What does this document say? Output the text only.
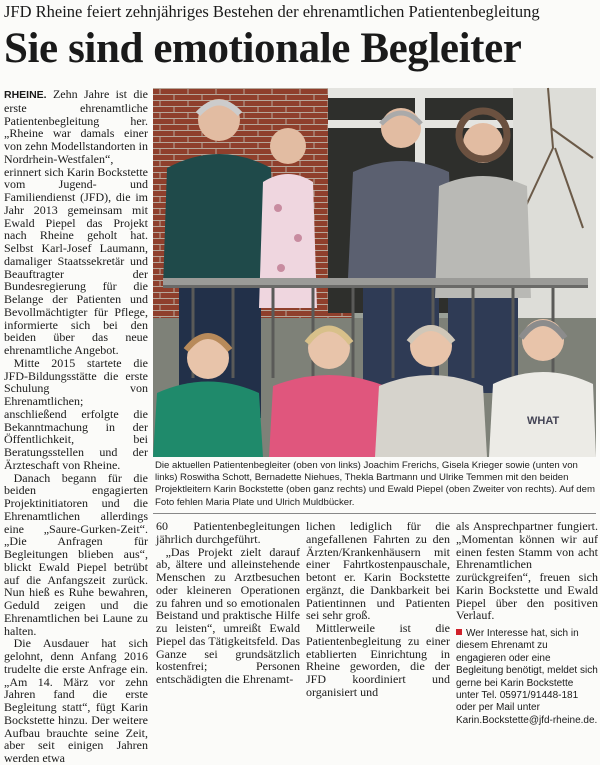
JFD Rheine feiert zehnjähriges Bestehen der ehrenamtlichen Patientenbegleitung
Sie sind emotionale Begleiter

RHEINE. Zehn Jahre ist die erste ehrenamtliche Patientenbegleitung her. „Rheine war damals einer von zehn Modellstandorten in Nordrhein-Westfalen“, erinnert sich Karin Bockstette vom Jugend- und Familiendienst (JFD), die im Jahr 2013 gemeinsam mit Ewald Piepel das Projekt nach Rheine geholt hat. Selbst Karl-Josef Laumann, damaliger Staatssekretär und Beauftragter der Bundesregierung für die Belange der Patienten und Bevollmächtigter für Pflege, informierte sich bei den beiden über das neue ehrenamtliche Angebot.

Mitte 2015 startete die JFD-Bildungsstätte die erste Schulung von Ehrenamtlichen; anschließend erfolgte die Bekanntmachung in der Öffentlichkeit, bei Beratungsstellen und der Ärzteschaft von Rheine.

Danach begann für die beiden engagierten Projektinitiatoren und die Ehrenamtlichen allerdings eine „Saure-Gurken-Zeit“. „Die Anfragen für Begleitungen blieben aus“, blickt Ewald Piepel betrübt auf die Anfangszeit zurück. Nun hieß es Ruhe bewahren, Geduld zeigen und die Ehrenamtlichen bei Laune zu halten.

Die Ausdauer hat sich gelohnt, denn Anfang 2016 trudelte die erste Anfrage ein. „Am 14. März vor zehn Jahren fand die erste Begleitung statt“, fügt Karin Bockstette hinzu. Der weitere Aufbau brauchte seine Zeit, aber seit einigen Jahren werden etwa

WHAT
Die aktuellen Patientenbegleiter (oben von links) Joachim Frerichs, Gisela Krieger sowie (unten von links) Roswitha Schott, Bernadette Niehues, Thekla Bartmann und Ulrike Temmen mit den beiden Projektleitern Karin Bockstette (oben ganz rechts) und Ewald Piepel (oben Zweiter von rechts). Auf dem Foto fehlen Maria Plate und Ulrich Muldbücker.

60 Patientenbegleitungen jährlich durchgeführt.

„Das Projekt zielt darauf ab, ältere und alleinstehende Menschen zu Arztbesuchen oder kleineren Operationen zu fahren und so emotionalen Beistand und praktische Hilfe zu leisten“, umreißt Ewald Piepel das Tätigkeitsfeld. Das Ganze sei grundsätzlich kostenfrei; Personen entschädigten die Ehrenamt-

lichen lediglich für die angefallenen Fahrten zu den Ärzten/Krankenhäusern mit einer Fahrtkostenpauschale, betont er. Karin Bockstette ergänzt, die Dankbarkeit bei Patientinnen und Patienten sei sehr groß.

Mittlerweile ist die Patientenbegleitung zu einer etablierten Einrichtung in Rheine geworden, die der JFD koordiniert und organisiert und

als Ansprechpartner fungiert. „Momentan können wir auf einen festen Stamm von acht Ehrenamtlichen zurückgreifen“, freuen sich Karin Bockstette und Ewald Piepel über den positiven Verlauf.

Wer Interesse hat, sich in diesem Ehrenamt zu engagieren oder eine Begleitung benötigt, meldet sich gerne bei Karin Bockstette unter Tel. 05971/91448-181 oder per Mail unter Karin.Bockstette@jfd-rheine.de.
